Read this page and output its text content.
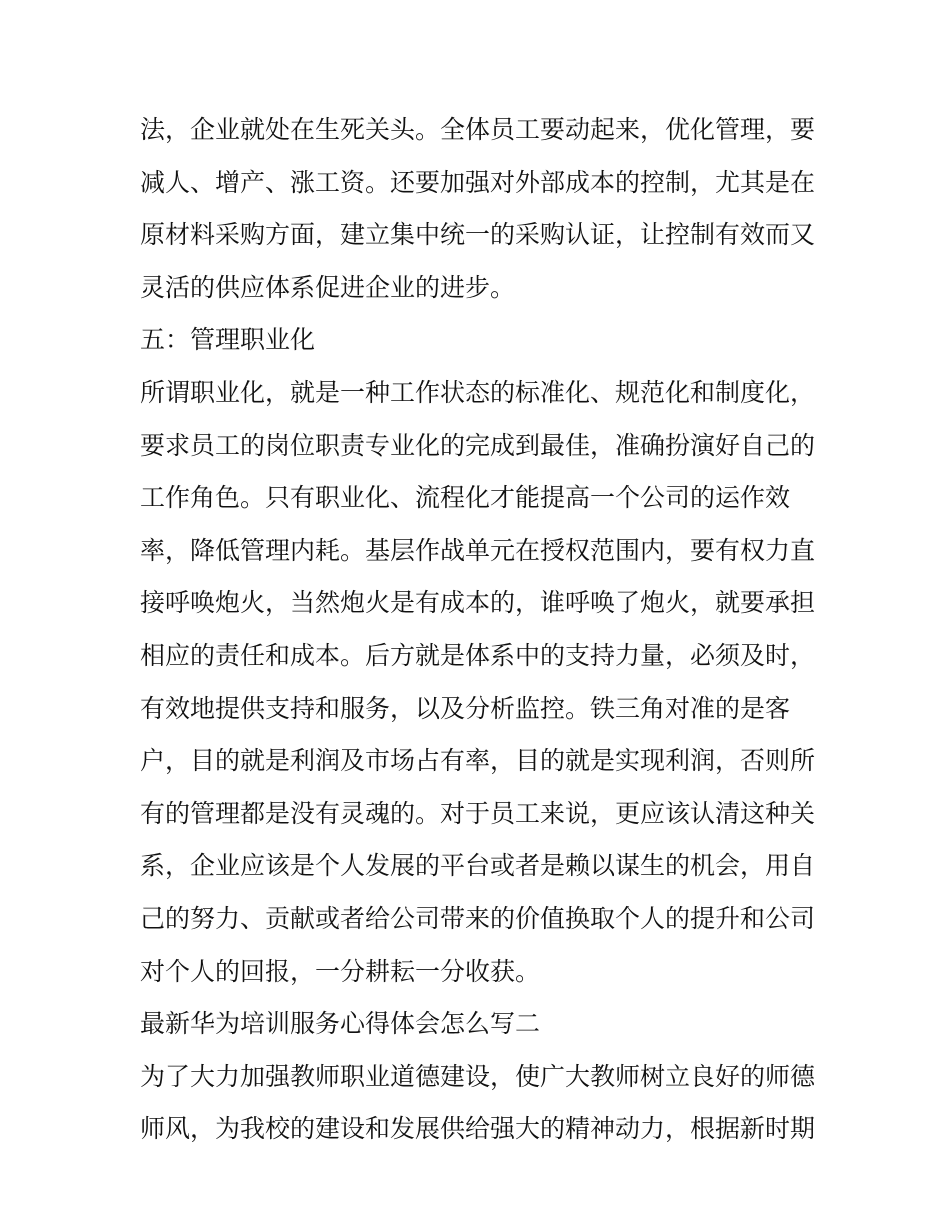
法，企业就处在生死关头。全体员工要动起来，优化管理，要
减人、增产、涨工资。还要加强对外部成本的控制，尤其是在
原材料采购方面，建立集中统一的采购认证，让控制有效而又
灵活的供应体系促进企业的进步。
五：管理职业化
所谓职业化，就是一种工作状态的标准化、规范化和制度化，
要求员工的岗位职责专业化的完成到最佳，准确扮演好自己的
工作角色。只有职业化、流程化才能提高一个公司的运作效
率，降低管理内耗。基层作战单元在授权范围内，要有权力直
接呼唤炮火，当然炮火是有成本的，谁呼唤了炮火，就要承担
相应的责任和成本。后方就是体系中的支持力量，必须及时，
有效地提供支持和服务，以及分析监控。铁三角对准的是客
户，目的就是利润及市场占有率，目的就是实现利润，否则所
有的管理都是没有灵魂的。对于员工来说，更应该认清这种关
系，企业应该是个人发展的平台或者是赖以谋生的机会，用自
己的努力、贡献或者给公司带来的价值换取个人的提升和公司
对个人的回报，一分耕耘一分收获。
最新华为培训服务心得体会怎么写二
为了大力加强教师职业道德建设，使广大教师树立良好的师德
师风，为我校的建设和发展供给强大的精神动力，根据新时期
